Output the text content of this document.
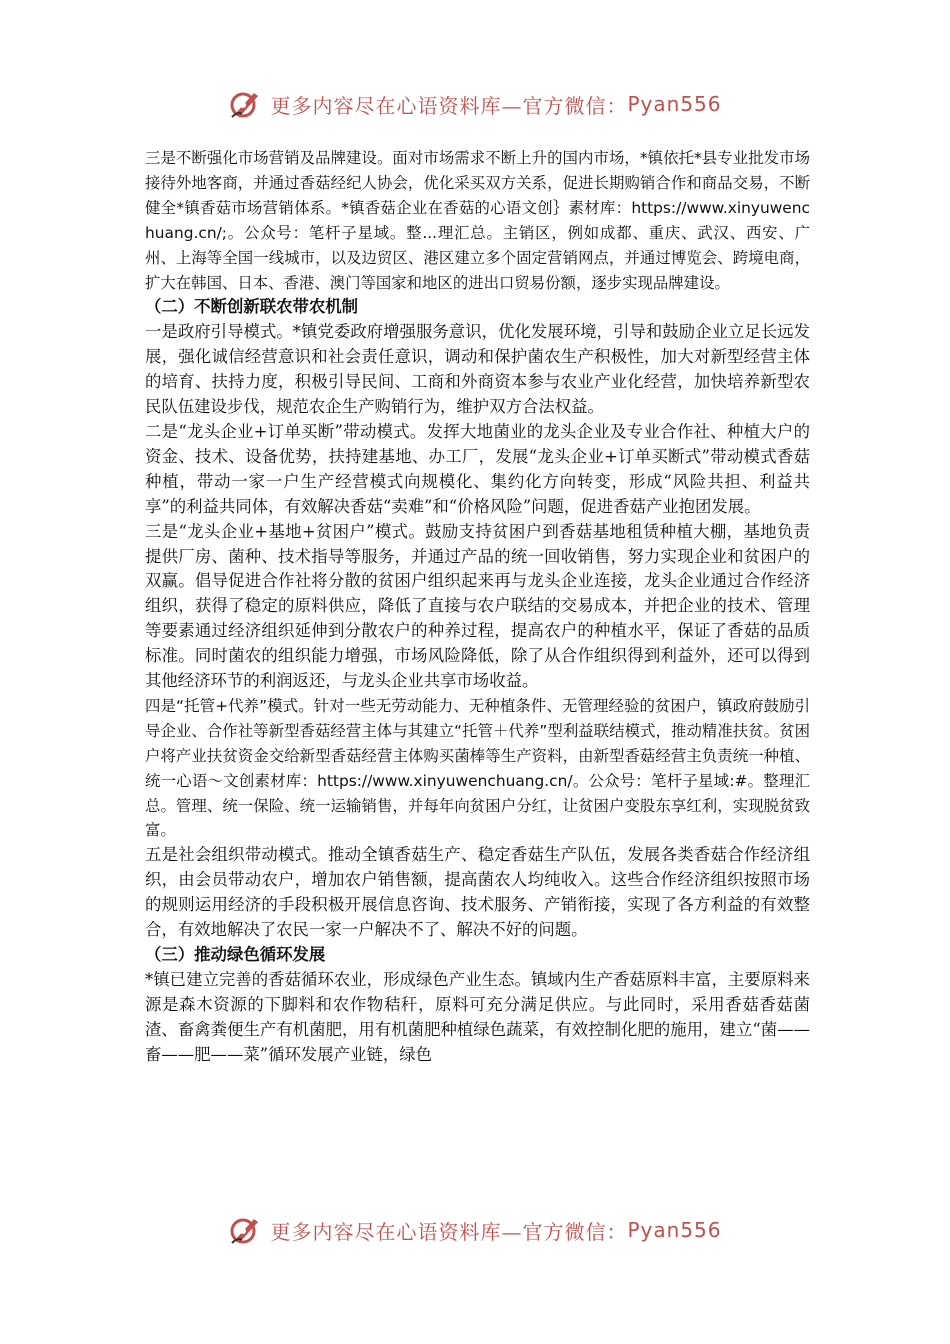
更多内容尽在心语资料库—官方微信： Pyan556

三是不断强化市场营销及品牌建设。面对市场需求不断上升的国内市场，*镇依托*县专业批发市场接待外地客商，并通过香菇经纪人协会，优化采买双方关系，促进长期购销合作和商品交易，不断健全*镇香菇市场营销体系。*镇香菇企业在香菇的心语文创｝素材库：https://www.xinyuwenchuang.cn/;。公众号：笔杆子星域。整...理汇总。主销区，例如成都、重庆、武汉、西安、广州、上海等全国一线城市，以及边贸区、港区建立多个固定营销网点，并通过博览会、跨境电商，扩大在韩国、日本、香港、澳门等国家和地区的进出口贸易份额，逐步实现品牌建设。

（二）不断创新联农带农机制

一是政府引导模式。*镇党委政府增强服务意识，优化发展环境，引导和鼓励企业立足长远发展，强化诚信经营意识和社会责任意识，调动和保护菌农生产积极性，加大对新型经营主体的培育、扶持力度，积极引导民间、工商和外商资本参与农业产业化经营，加快培养新型农民队伍建设步伐，规范农企生产购销行为，维护双方合法权益。

二是“龙头企业+订单买断”带动模式。发挥大地菌业的龙头企业及专业合作社、种植大户的资金、技术、设备优势，扶持建基地、办工厂，发展“龙头企业+订单买断式”带动模式香菇种植，带动一家一户生产经营模式向规模化、集约化方向转变，形成“风险共担、利益共享”的利益共同体，有效解决香菇“卖难”和“价格风险”问题，促进香菇产业抱团发展。

三是“龙头企业+基地+贫困户”模式。鼓励支持贫困户到香菇基地租赁种植大棚，基地负责提供厂房、菌种、技术指导等服务，并通过产品的统一回收销售，努力实现企业和贫困户的双赢。倡导促进合作社将分散的贫困户组织起来再与龙头企业连接，龙头企业通过合作经济组织，获得了稳定的原料供应，降低了直接与农户联结的交易成本，并把企业的技术、管理等要素通过经济组织延伸到分散农户的种养过程，提高农户的种植水平，保证了香菇的品质标准。同时菌农的组织能力增强，市场风险降低，除了从合作组织得到利益外，还可以得到其他经济环节的利润返还，与龙头企业共享市场收益。

四是“托管+代养”模式。针对一些无劳动能力、无种植条件、无管理经验的贫困户，镇政府鼓励引导企业、合作社等新型香菇经营主体与其建立“托管＋代养”型利益联结模式，推动精准扶贫。贫困户将产业扶贫资金交给新型香菇经营主体购买菌棒等生产资料，由新型香菇经营主负责统一种植、统一心语～文创素材库：https://www.xinyuwenchuang.cn/。公众号：笔杆子星域:#。整理汇总。管理、统一保险、统一运输销售，并每年向贫困户分红，让贫困户变股东享红利，实现脱贫致富。

五是社会组织带动模式。推动全镇香菇生产、稳定香菇生产队伍，发展各类香菇合作经济组织，由会员带动农户，增加农户销售额，提高菌农人均纯收入。这些合作经济组织按照市场的规则运用经济的手段积极开展信息咨询、技术服务、产销衔接，实现了各方利益的有效整合，有效地解决了农民一家一户解决不了、解决不好的问题。

（三）推动绿色循环发展

*镇已建立完善的香菇循环农业，形成绿色产业生态。镇域内生产香菇原料丰富，主要原料来源是森木资源的下脚料和农作物秸秆，原料可充分满足供应。与此同时，采用香菇香菇菌渣、畜禽粪便生产有机菌肥，用有机菌肥种植绿色蔬菜，有效控制化肥的施用，建立“菌——畜——肥——菜”循环发展产业链，绿色

更多内容尽在心语资料库—官方微信： Pyan556
